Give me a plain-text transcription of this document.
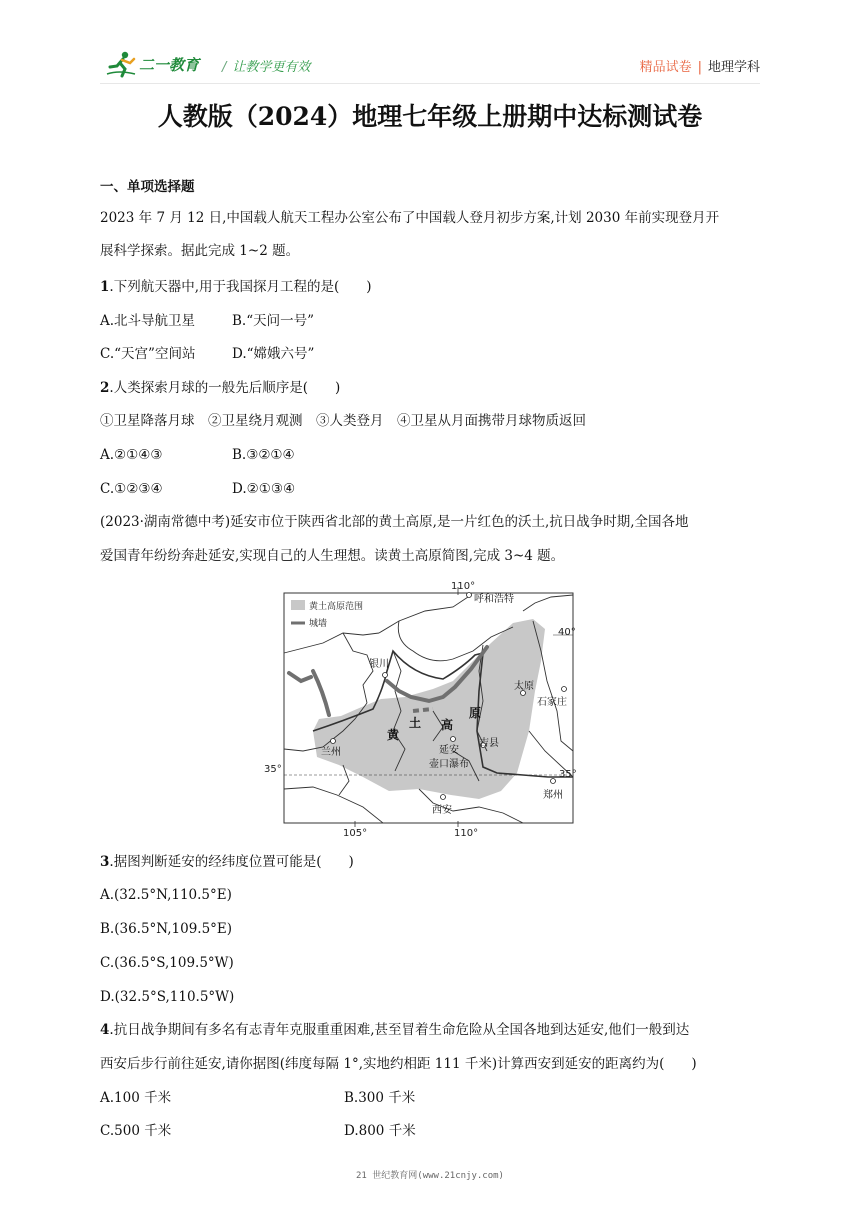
二一教育 / 让教学更有效	精品试卷 | 地理学科
人教版（2024）地理七年级上册期中达标测试卷
一、单项选择题
2023 年 7 月 12 日,中国载人航天工程办公室公布了中国载人登月初步方案,计划 2030 年前实现登月开
展科学探索。据此完成 1~2 题。
1.下列航天器中,用于我国探月工程的是(　　)
A.北斗导航卫星	B.“天问一号”
C.“天宫”空间站	D.“嫦娥六号”
2.人类探索月球的一般先后顺序是(　　)
①卫星降落月球　②卫星绕月观测　③人类登月　④卫星从月面携带月球物质返回
A.②①④③	B.③②①④
C.①②③④	D.②①③④
(2023·湖南常德中考)延安市位于陕西省北部的黄土高原,是一片红色的沃土,抗日战争时期,全国各地
爱国青年纷纷奔赴延安,实现自己的人生理想。读黄土高原简图,完成 3~4 题。
黄土高原范围
城墙
110°
40°
35°	35°
105°	110°
呼和浩特
银川
太原
石家庄
兰州	延安
吉县
壶口瀑布
西安
郑州
黄
土 高
原
3.据图判断延安的经纬度位置可能是(　　)
A.(32.5°N,110.5°E)
B.(36.5°N,109.5°E)
C.(36.5°S,109.5°W)
D.(32.5°S,110.5°W)
4.抗日战争期间有多名有志青年克服重重困难,甚至冒着生命危险从全国各地到达延安,他们一般到达
西安后步行前往延安,请你据图(纬度每隔 1°,实地约相距 111 千米)计算西安到延安的距离约为(　　)
A.100 千米	B.300 千米
C.500 千米	D.800 千米
21 世纪教育网(www.21cnjy.com)
